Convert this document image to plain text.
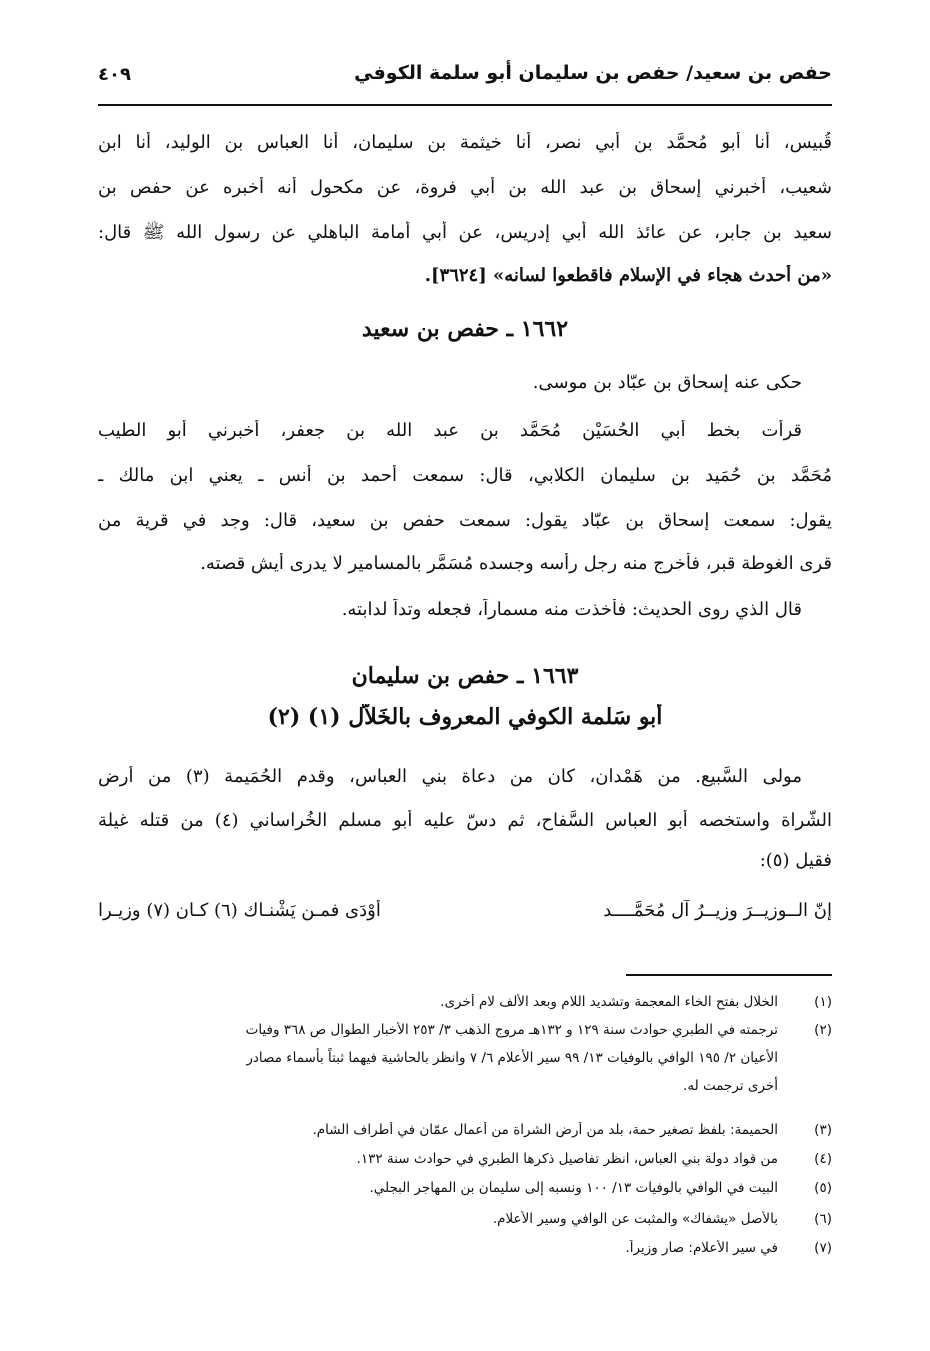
حفص بن سعيد/ حفص بن سليمان أبو سلمة الكوفي
٤٠٩
قُبيس، أنا أبو مُحمَّد بن أبي نصر، أنا خيثمة بن سليمان، أنا العباس بن الوليد، أنا ابن
شعيب، أخبرني إسحاق بن عبد الله بن أبي فروة، عن مكحول أنه أخبره عن حفص بن
سعيد بن جابر، عن عائذ الله أبي إدريس، عن أبي أمامة الباهلي عن رسول الله ﷺ قال:
«من أحدث هجاء في الإسلام فاقطعوا لسانه» [٣٦٢٤].
١٦٦٢ ـ حفص بن سعيد
حكى عنه إسحاق بن عبّاد بن موسى.
قرأت بخط أبي الحُسَيْن مُحَمَّد بن عبد الله بن جعفر، أخبرني أبو الطيب
مُحَمَّد بن حُمَيد بن سليمان الكلابي، قال: سمعت أحمد بن أنس ـ يعني ابن مالك ـ
يقول: سمعت إسحاق بن عبّاد يقول: سمعت حفص بن سعيد، قال: وجد في قرية من
قرى الغوطة قبر، فأخرج منه رجل رأسه وجسده مُسَمَّر بالمسامير لا يدرى أيش قصته.
قال الذي روى الحديث: فأخذت منه مسماراً، فجعله وتداً لدابته.
١٦٦٣ ـ حفص بن سليمان
أبو سَلمة الكوفي المعروف بالخَلاّل (١) (٢)
مولى السَّبيع. من هَمْدان، كان من دعاة بني العباس، وقدم الحُمَيمة (٣) من أرض
الشُّراة واستخصه أبو العباس السَّفاح، ثم دسّ عليه أبو مسلم الخُراساني (٤) من قتله غيلة
فقيل (٥):
إنّ الــوزيــرَ وزيــرُ آل مُحَمَّــــد
أوْدَى فمـن يَشْنـاك (٦) كـان (٧) وزيـرا
(١)
الخلال بفتح الخاء المعجمة وتشديد اللام وبعد الألف لام أخرى.
(٢)
ترجمته في الطبري حوادث سنة ١٢٩ و ١٣٢هـ مروج الذهب ٣/ ٢٥٣ الأخبار الطوال ص ٣٦٨ وفيات
الأعيان ٢/ ١٩٥ الوافي بالوفيات ١٣/ ٩٩ سير الأعلام ٦/ ٧ وانظر بالحاشية فيهما ثبتاً بأسماء مصادر
أخرى ترجمت له.
(٣)
الحميمة: بلفظ تصغير حمة، بلد من أرض الشراة من أعمال عمّان في أطراف الشام.
(٤)
من قواد دولة بني العباس، انظر تفاصيل ذكرها الطبري في حوادث سنة ١٣٢.
(٥)
البيت في الوافي بالوفيات ١٣/ ١٠٠ ونسبه إلى سليمان بن المهاجر البجلي.
(٦)
بالأصل «يشفاك» والمثبت عن الوافي وسير الأعلام.
(٧)
في سير الأعلام: صار وزيراً.
